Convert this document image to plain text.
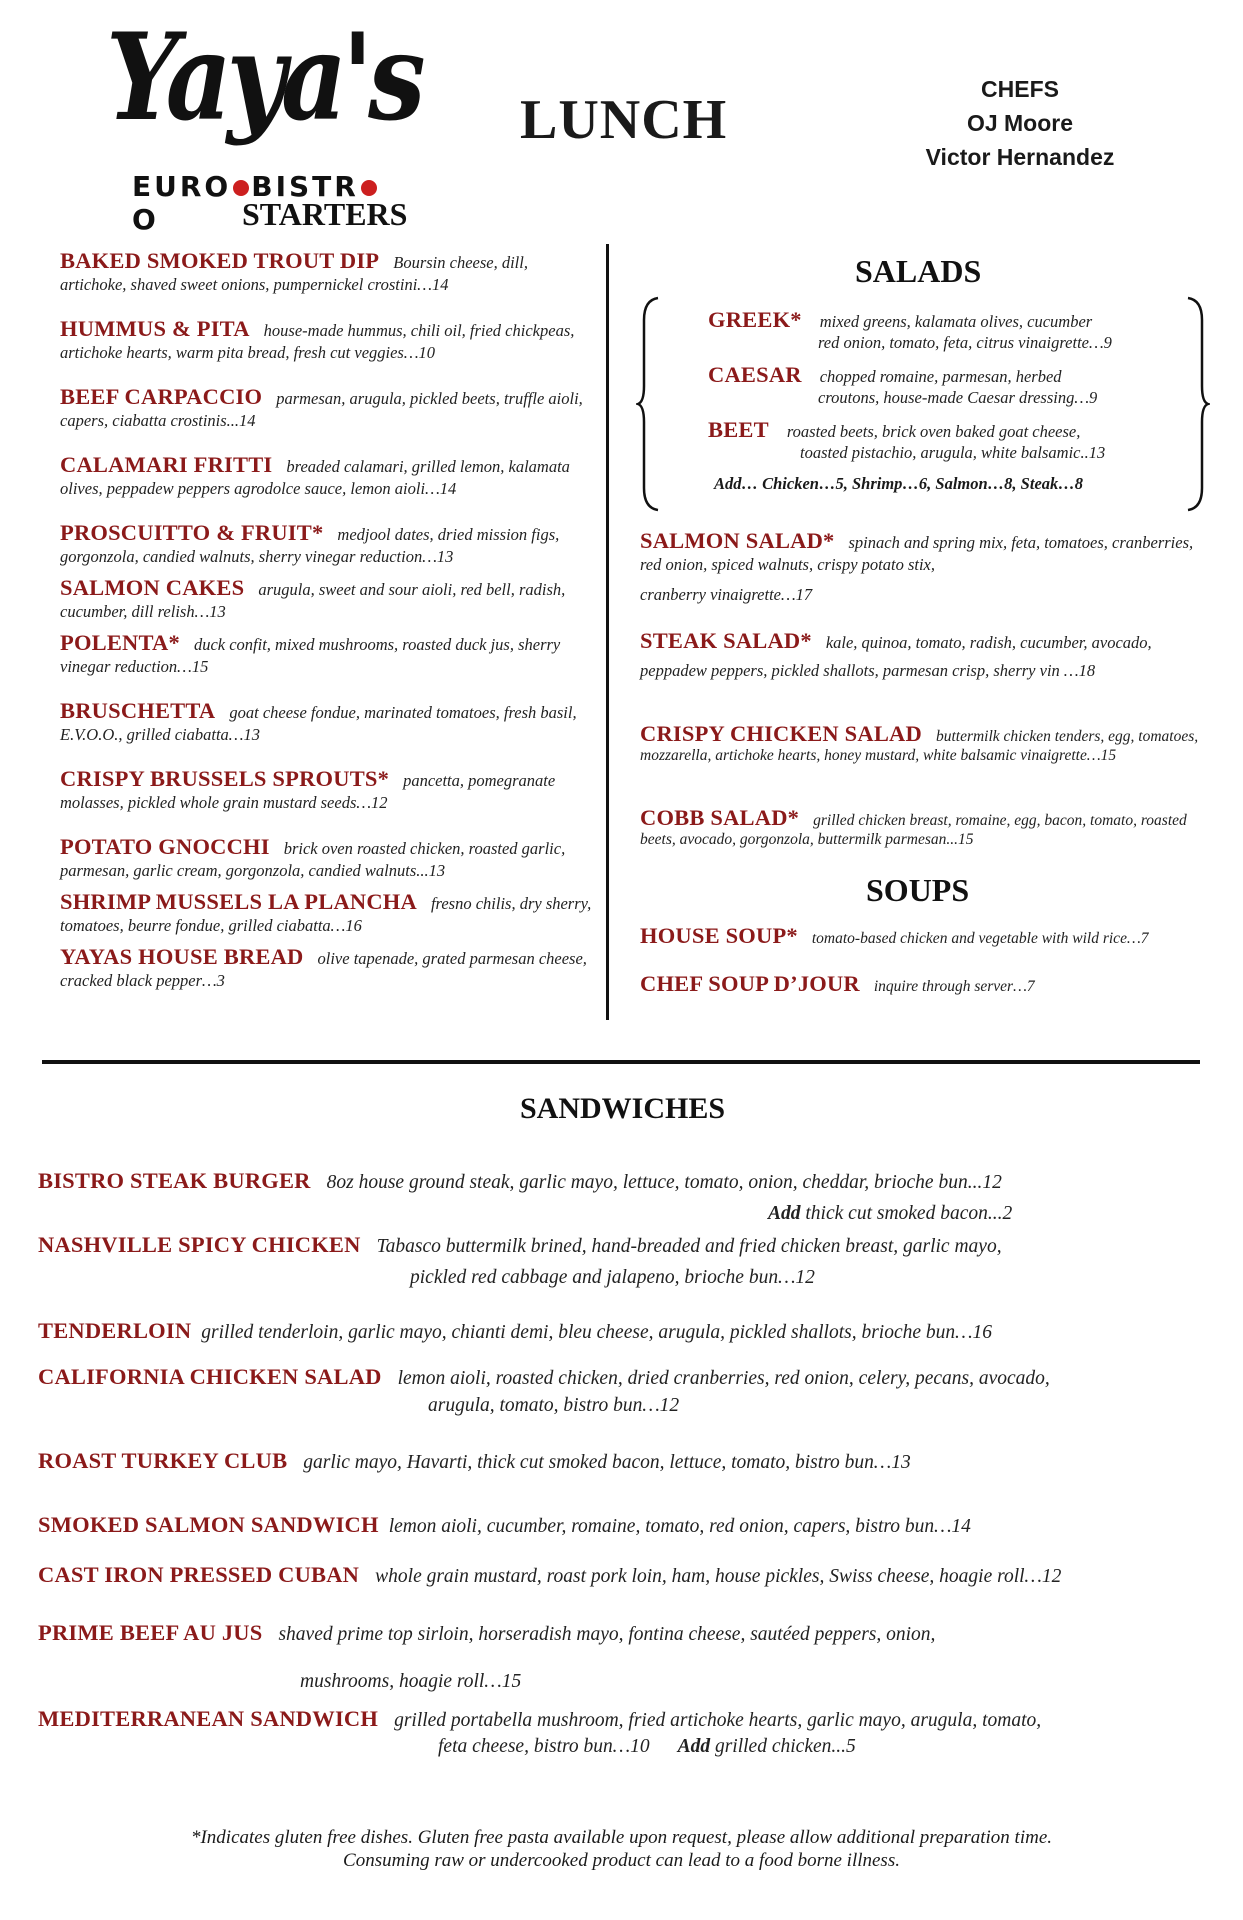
Yaya's
EURO BISTRO
LUNCH	CHEFS
OJ Moore
Victor Hernandez
STARTERS
BAKED SMOKED TROUT DIP Boursin cheese, dill, artichoke, shaved sweet onions, pumpernickel crostini…14
HUMMUS & PITA house-made hummus, chili oil, fried chickpeas, artichoke hearts, warm pita bread, fresh cut veggies…10
BEEF CARPACCIO parmesan, arugula, pickled beets, truffle aioli, capers, ciabatta crostinis...14
CALAMARI FRITTI breaded calamari, grilled lemon, kalamata olives, peppadew peppers agrodolce sauce, lemon aioli…14
PROSCUITTO & FRUIT* medjool dates, dried mission figs, gorgonzola, candied walnuts, sherry vinegar reduction…13
SALMON CAKES arugula, sweet and sour aioli, red bell, radish, cucumber, dill relish…13
POLENTA* duck confit, mixed mushrooms, roasted duck jus, sherry vinegar reduction…15
BRUSCHETTA goat cheese fondue, marinated tomatoes, fresh basil, E.V.O.O., grilled ciabatta…13
CRISPY BRUSSELS SPROUTS* pancetta, pomegranate molasses, pickled whole grain mustard seeds…12
POTATO GNOCCHI brick oven roasted chicken, roasted garlic, parmesan, garlic cream, gorgonzola, candied walnuts...13
SHRIMP MUSSELS LA PLANCHA fresno chilis, dry sherry, tomatoes, beurre fondue, grilled ciabatta…16
YAYAS HOUSE BREAD olive tapenade, grated parmesan cheese, cracked black pepper…3
SALADS
GREEK* mixed greens, kalamata olives, cucumber
red onion, tomato, feta, citrus vinaigrette…9
CAESAR chopped romaine, parmesan, herbed
croutons, house-made Caesar dressing…9
BEET roasted beets, brick oven baked goat cheese,
toasted pistachio, arugula, white balsamic..13
Add… Chicken…5, Shrimp…6, Salmon…8, Steak…8
SALMON SALAD* spinach and spring mix, feta, tomatoes, cranberries, red onion, spiced walnuts, crispy potato stix,
cranberry vinaigrette…17
STEAK SALAD* kale, quinoa, tomato, radish, cucumber, avocado, peppadew peppers, pickled shallots, parmesan crisp, sherry vin …18
CRISPY CHICKEN SALAD buttermilk chicken tenders, egg, tomatoes, mozzarella, artichoke hearts, honey mustard, white balsamic vinaigrette…15
COBB SALAD* grilled chicken breast, romaine, egg, bacon, tomato, roasted beets, avocado, gorgonzola, buttermilk parmesan...15
SOUPS
HOUSE SOUP* tomato-based chicken and vegetable with wild rice…7
CHEF SOUP D’JOUR inquire through server…7
SANDWICHES
BISTRO STEAK BURGER 8oz house ground steak, garlic mayo, lettuce, tomato, onion, cheddar, brioche bun...12
Add thick cut smoked bacon...2
NASHVILLE SPICY CHICKEN Tabasco buttermilk brined, hand-breaded and fried chicken breast, garlic mayo,
pickled red cabbage and jalapeno, brioche bun…12
TENDERLOIN grilled tenderloin, garlic mayo, chianti demi, bleu cheese, arugula, pickled shallots, brioche bun…16
CALIFORNIA CHICKEN SALAD lemon aioli, roasted chicken, dried cranberries, red onion, celery, pecans, avocado,
arugula, tomato, bistro bun…12
ROAST TURKEY CLUB garlic mayo, Havarti, thick cut smoked bacon, lettuce, tomato, bistro bun…13
SMOKED SALMON SANDWICH lemon aioli, cucumber, romaine, tomato, red onion, capers, bistro bun…14
CAST IRON PRESSED CUBAN whole grain mustard, roast pork loin, ham, house pickles, Swiss cheese, hoagie roll…12
PRIME BEEF AU JUS shaved prime top sirloin, horseradish mayo, fontina cheese, sautéed peppers, onion,
mushrooms, hoagie roll…15
MEDITERRANEAN SANDWICH grilled portabella mushroom, fried artichoke hearts, garlic mayo, arugula, tomato,
feta cheese, bistro bun…10 Add grilled chicken...5
*Indicates gluten free dishes. Gluten free pasta available upon request, please allow additional preparation time.
Consuming raw or undercooked product can lead to a food borne illness.
